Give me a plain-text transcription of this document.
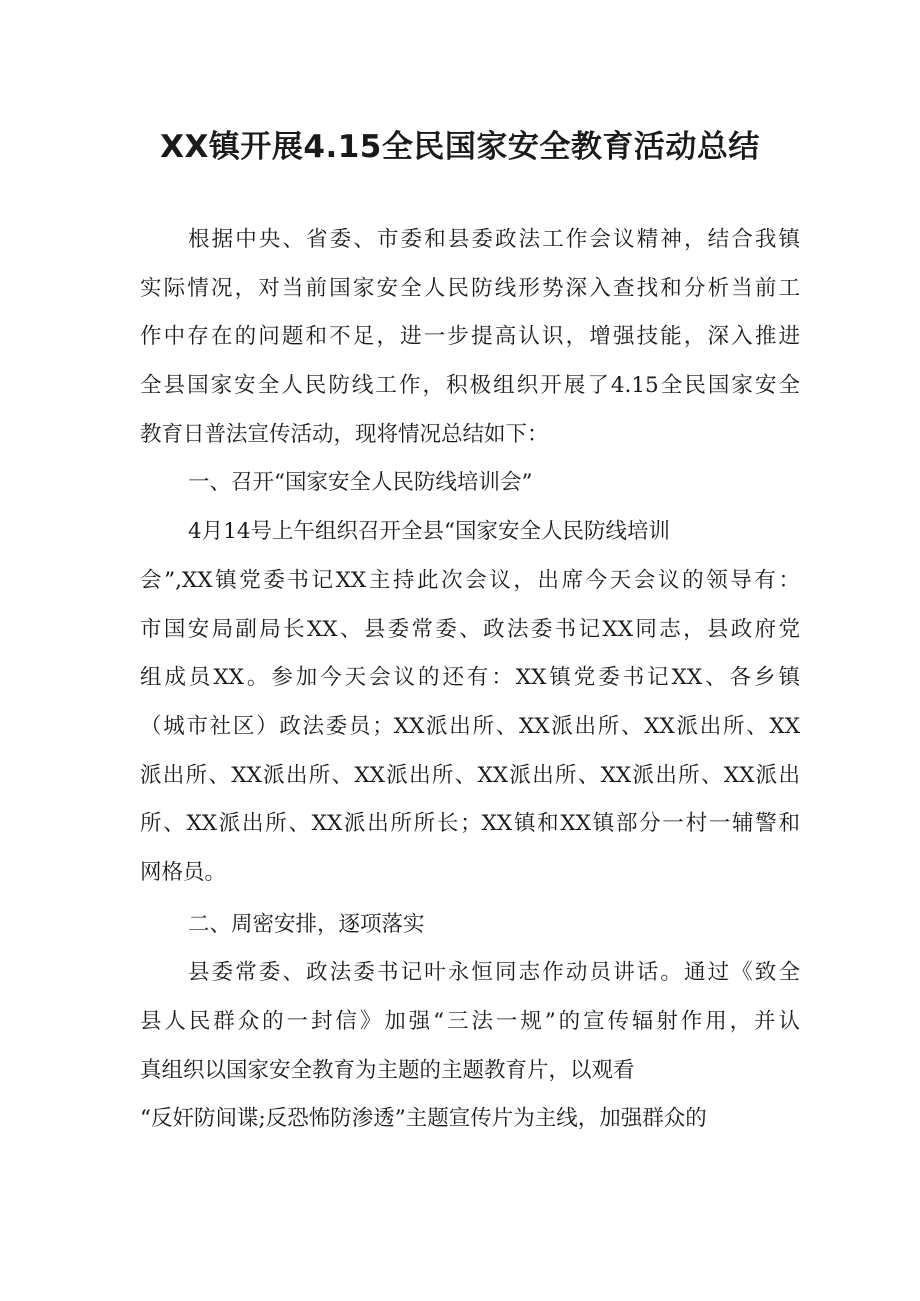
XX镇开展4.15全民国家安全教育活动总结
根据中央、省委、市委和县委政法工作会议精神，结合我镇
实际情况，对当前国家安全人民防线形势深入查找和分析当前工
作中存在的问题和不足，进一步提高认识，增强技能，深入推进
全县国家安全人民防线工作，积极组织开展了4.15全民国家安全
教育日普法宣传活动，现将情况总结如下：
一、召开“国家安全人民防线培训会”
4月14号上午组织召开全县“国家安全人民防线培训
会”,XX镇党委书记XX主持此次会议，出席今天会议的领导有：
市国安局副局长XX、县委常委、政法委书记XX同志，县政府党
组成员XX。参加今天会议的还有：XX镇党委书记XX、各乡镇
（城市社区）政法委员；XX派出所、XX派出所、XX派出所、XX
派出所、XX派出所、XX派出所、XX派出所、XX派出所、XX派出
所、XX派出所、XX派出所所长；XX镇和XX镇部分一村一辅警和
网格员。
二、周密安排，逐项落实
县委常委、政法委书记叶永恒同志作动员讲话。通过《致全
县人民群众的一封信》加强“三法一规”的宣传辐射作用，并认
真组织以国家安全教育为主题的主题教育片，以观看
“反奸防间谍;反恐怖防渗透”主题宣传片为主线，加强群众的
